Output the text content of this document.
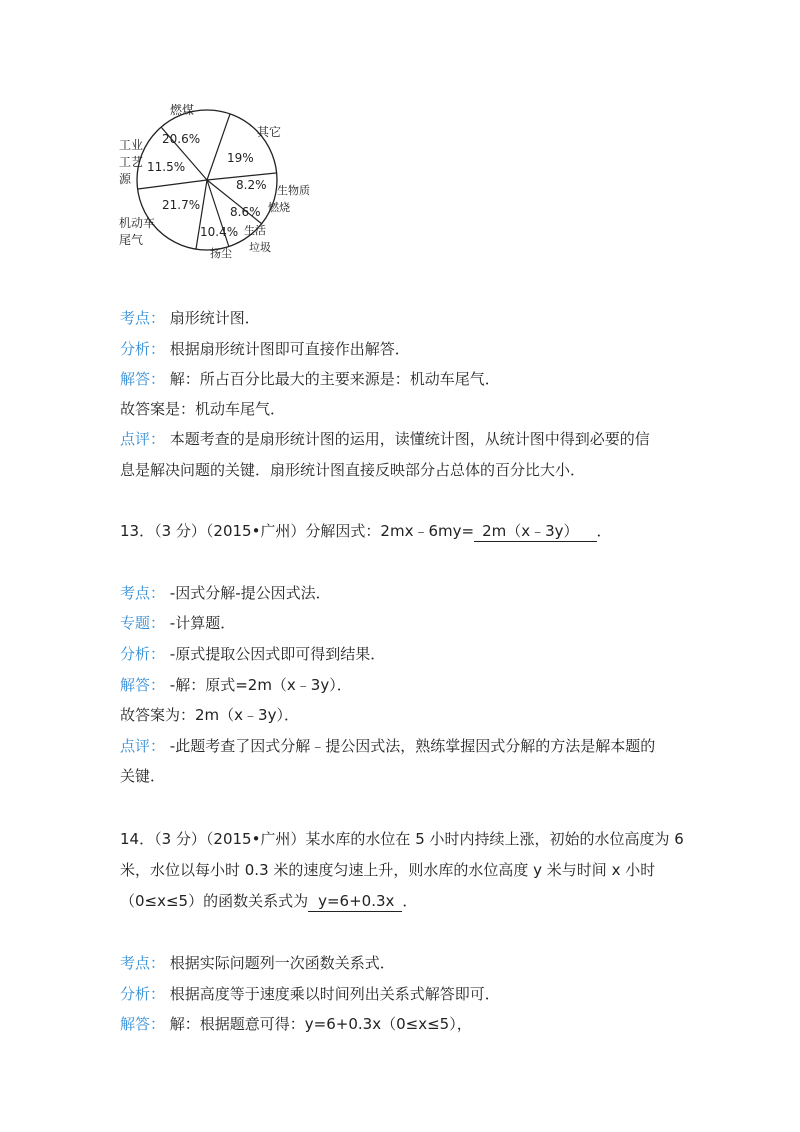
20.6%
19%
8.2%
8.6%
10.4%
21.7%
11.5%
燃煤
其它
生物质
燃烧
生活
垃圾
扬尘
机动车
尾气
工业
工艺
源
考点： 扇形统计图．
分析： 根据扇形统计图即可直接作出解答．
解答： 解：所占百分比最大的主要来源是：机动车尾气．
故答案是：机动车尾气．
点评： 本题考查的是扇形统计图的运用，读懂统计图，从统计图中得到必要的信
息是解决问题的关键．扇形统计图直接反映部分占总体的百分比大小．
13．（3 分）（2015•广州）分解因式：2mx﹣6my= 2m（x﹣3y） ．
考点： -因式分解-提公因式法．
专题： -计算题．
分析： -原式提取公因式即可得到结果．
解答： -解：原式=2m（x﹣3y）．
故答案为：2m（x﹣3y）．
点评： -此题考查了因式分解﹣提公因式法，熟练掌握因式分解的方法是解本题的
关键．
14．（3 分）（2015•广州）某水库的水位在 5 小时内持续上涨，初始的水位高度为 6
米，水位以每小时 0.3 米的速度匀速上升，则水库的水位高度 y 米与时间 x 小时
（0≤x≤5）的函数关系式为 y=6+0.3x ．
考点： 根据实际问题列一次函数关系式．
分析： 根据高度等于速度乘以时间列出关系式解答即可．
解答： 解：根据题意可得：y=6+0.3x（0≤x≤5），
